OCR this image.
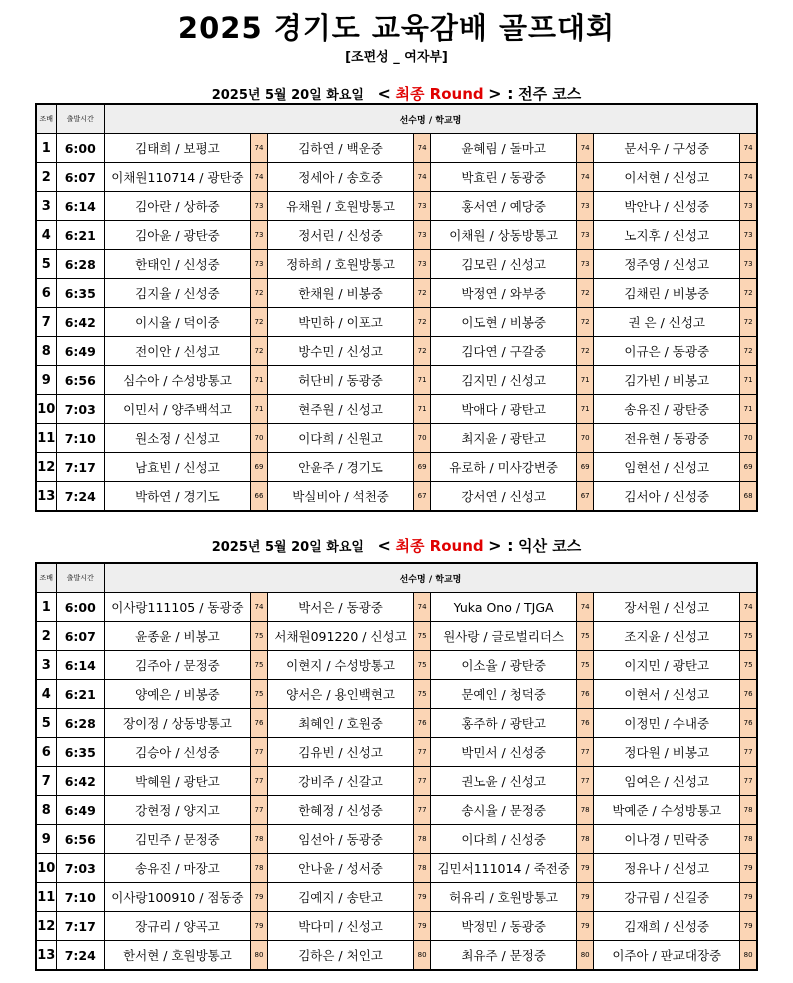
2025 경기도 교육감배 골프대회
[조편성 _ 여자부]
2025년 5월 20일 화요일 < 최종 Round > : 전주 코스
조배	출발시간	선수명 / 학교명							
1	6:00	김태희 / 보평고	74	김하연 / 백운중	74	윤혜림 / 돌마고	74	문서우 / 구성중	74
2	6:07	이채원110714 / 광탄중	74	정세아 / 송호중	74	박효린 / 동광중	74	이서현 / 신성고	74
3	6:14	김아란 / 상하중	73	유채원 / 호원방통고	73	홍서연 / 예당중	73	박안나 / 신성중	73
4	6:21	김아윤 / 광탄중	73	정서린 / 신성중	73	이채원 / 상동방통고	73	노지후 / 신성고	73
5	6:28	한태인 / 신성중	73	정하희 / 호원방통고	73	김모린 / 신성고	73	정주영 / 신성고	73
6	6:35	김지율 / 신성중	72	한채원 / 비봉중	72	박정연 / 와부중	72	김채린 / 비봉중	72
7	6:42	이시율 / 덕이중	72	박민하 / 이포고	72	이도현 / 비봉중	72	권 은 / 신성고	72
8	6:49	전이안 / 신성고	72	방수민 / 신성고	72	김다연 / 구갈중	72	이규은 / 동광중	72
9	6:56	심수아 / 수성방통고	71	허단비 / 동광중	71	김지민 / 신성고	71	김가빈 / 비봉고	71
10	7:03	이민서 / 양주백석고	71	현주원 / 신성고	71	박애다 / 광탄고	71	송유진 / 광탄중	71
11	7:10	원소정 / 신성고	70	이다희 / 신원고	70	최지윤 / 광탄고	70	전유현 / 동광중	70
12	7:17	남효빈 / 신성고	69	안윤주 / 경기도	69	유로하 / 미사강변중	69	임현선 / 신성고	69
13	7:24	박하연 / 경기도	66	박실비아 / 석천중	67	강서연 / 신성고	67	김서아 / 신성중	68
2025년 5월 20일 화요일 < 최종 Round > : 익산 코스
조배	출발시간	선수명 / 학교명							
1	6:00	이사랑111105 / 동광중	74	박서은 / 동광중	74	Yuka Ono / TJGA	74	장서원 / 신성고	74
2	6:07	윤종윤 / 비봉고	75	서채원091220 / 신성고	75	원사랑 / 글로벌리더스	75	조지윤 / 신성고	75
3	6:14	김주아 / 문정중	75	이현지 / 수성방통고	75	이소율 / 광탄중	75	이지민 / 광탄고	75
4	6:21	양예은 / 비봉중	75	양서은 / 용인백현고	75	문예인 / 청덕중	76	이현서 / 신성고	76
5	6:28	장이정 / 상동방통고	76	최혜인 / 호원중	76	홍주하 / 광탄고	76	이정민 / 수내중	76
6	6:35	김승아 / 신성중	77	김유빈 / 신성고	77	박민서 / 신성중	77	정다원 / 비봉고	77
7	6:42	박혜원 / 광탄고	77	강비주 / 신갈고	77	권노윤 / 신성고	77	임여은 / 신성고	77
8	6:49	강현정 / 양지고	77	한혜정 / 신성중	77	송시율 / 문정중	78	박예준 / 수성방통고	78
9	6:56	김민주 / 문정중	78	임선아 / 동광중	78	이다희 / 신성중	78	이나경 / 민락중	78
10	7:03	송유진 / 마장고	78	안나윤 / 성서중	78	김민서111014 / 죽전중	79	정유나 / 신성고	79
11	7:10	이사랑100910 / 점동중	79	김예지 / 송탄고	79	허유리 / 호원방통고	79	강규림 / 신길중	79
12	7:17	장규리 / 양곡고	79	박다미 / 신성고	79	박정민 / 동광중	79	김재희 / 신성중	79
13	7:24	한서현 / 호원방통고	80	김하은 / 처인고	80	최유주 / 문정중	80	이주아 / 판교대장중	80
